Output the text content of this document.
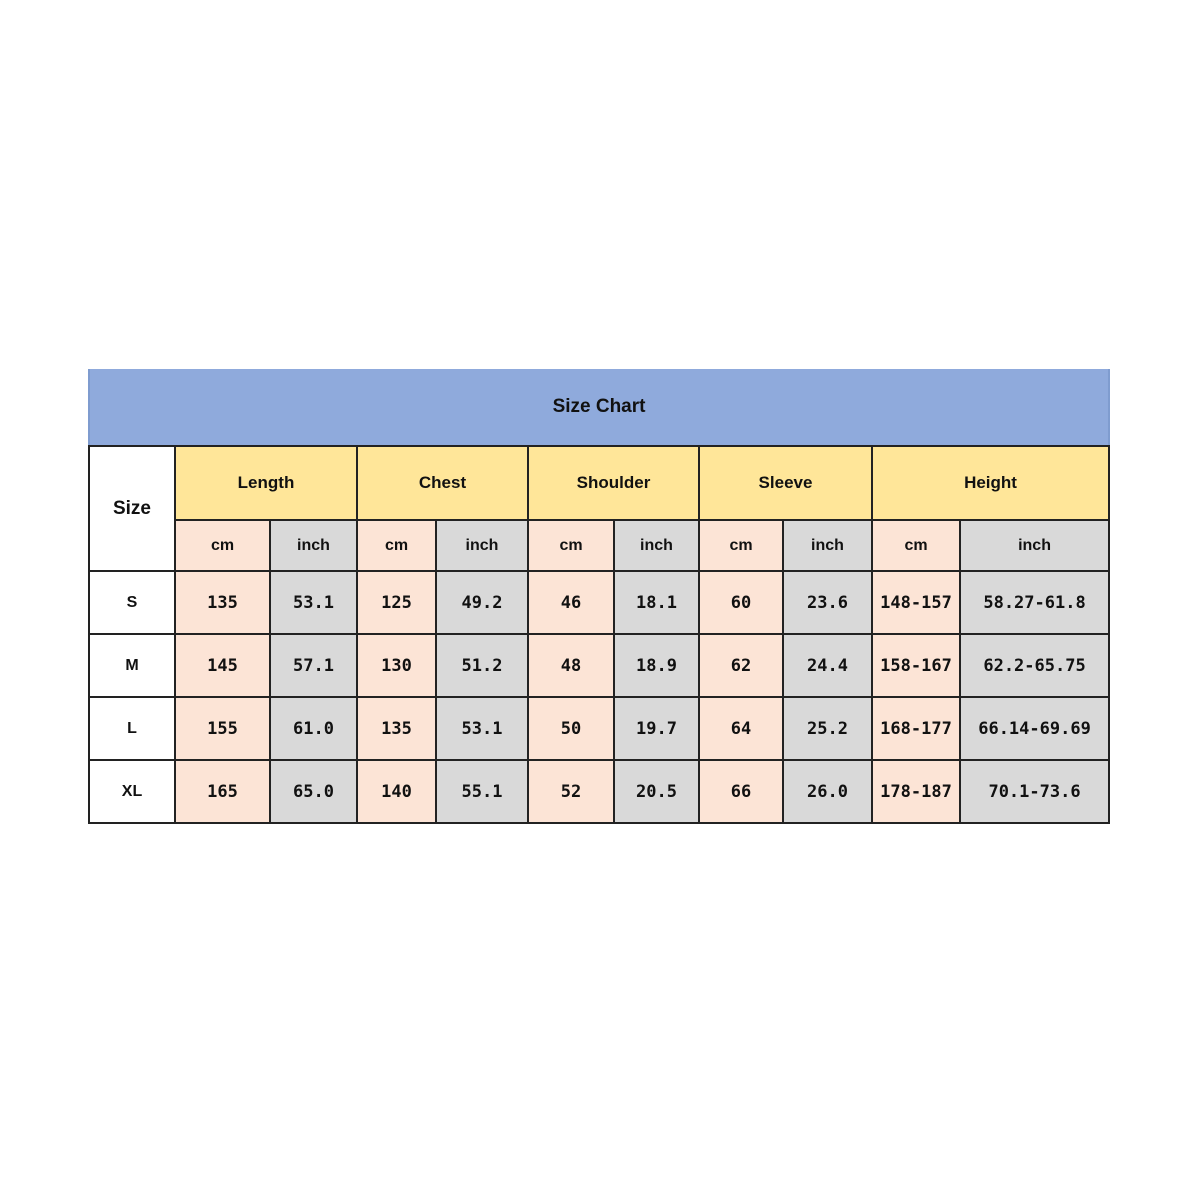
Size Chart										
Size	Length		Chest		Shoulder		Sleeve		Height	
	cm	inch	cm	inch	cm	inch	cm	inch	cm	inch
S	135	53.1	125	49.2	46	18.1	60	23.6	148-157	58.27-61.8
M	145	57.1	130	51.2	48	18.9	62	24.4	158-167	62.2-65.75
L	155	61.0	135	53.1	50	19.7	64	25.2	168-177	66.14-69.69
XL	165	65.0	140	55.1	52	20.5	66	26.0	178-187	70.1-73.6
